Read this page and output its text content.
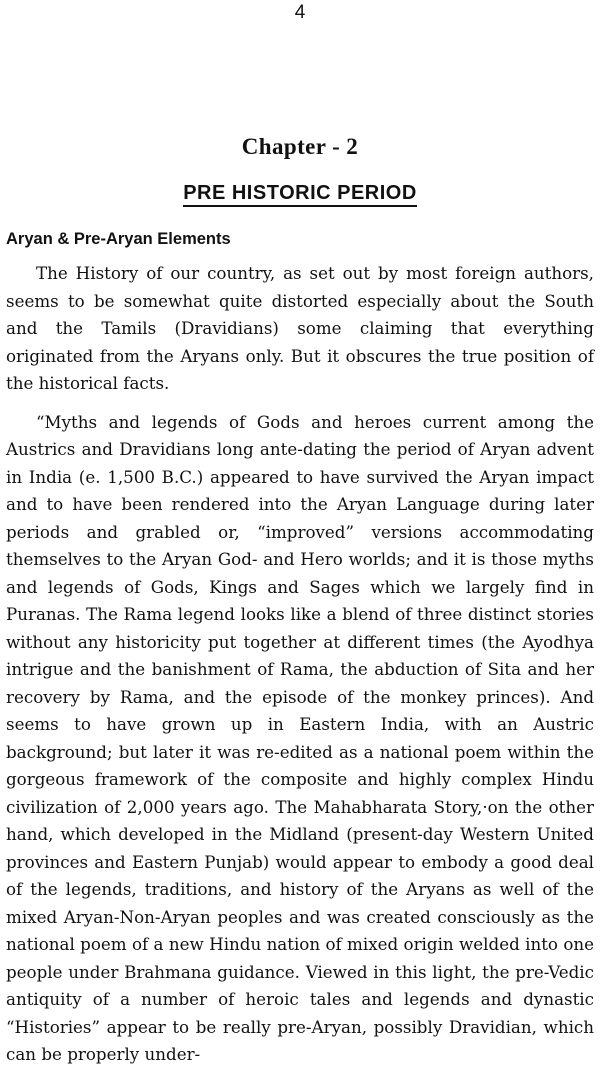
4
Chapter - 2
PRE HISTORIC PERIOD
Aryan & Pre-Aryan Elements

The History of our country, as set out by most foreign authors, seems to be somewhat quite distorted especially about the South and the Tamils (Dravidians) some claiming that everything originated from the Aryans only. But it obscures the true position of the historical facts.

“Myths and legends of Gods and heroes current among the Austrics and Dravidians long ante-dating the period of Aryan advent in India (e. 1,500 B.C.) appeared to have survived the Aryan impact and to have been rendered into the Aryan Language during later periods and grabled or, “improved” versions accommodating themselves to the Aryan God- and Hero worlds; and it is those myths and legends of Gods, Kings and Sages which we largely find in Puranas. The Rama legend looks like a blend of three distinct stories without any historicity put together at different times (the Ayodhya intrigue and the banishment of Rama, the abduction of Sita and her recovery by Rama, and the episode of the monkey princes). And seems to have grown up in Eastern India, with an Austric background; but later it was re-edited as a national poem within the gorgeous framework of the composite and highly complex Hindu civilization of 2,000 years ago. The Mahabharata Story,·on the other hand, which developed in the Midland (present-day Western United provinces and Eastern Punjab) would appear to embody a good deal of the legends, traditions, and history of the Aryans as well of the mixed Aryan-Non-Aryan peoples and was created consciously as the national poem of a new Hindu nation of mixed origin welded into one people under Brahmana guidance. Viewed in this light, the pre-Vedic antiquity of a number of heroic tales and legends and dynastic “Histories” appear to be really pre-Aryan, possibly Dravidian, which can be properly under-
